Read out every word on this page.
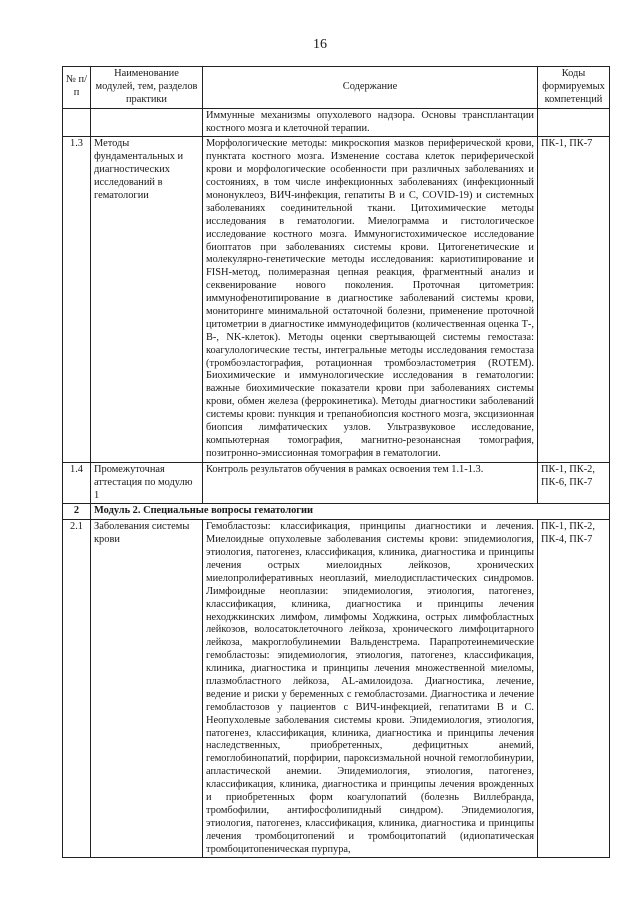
16
№ п/п	Наименование модулей, тем, разделов практики	Содержание	Коды формируемых компетенций
		Иммунные механизмы опухолевого надзора. Основы трансплантации костного мозга и клеточной терапии.	
1.3	Методы фундаментальных и диагностических исследований в гематологии	Морфологические методы: микроскопия мазков периферической крови, пунктата костного мозга. Изменение состава клеток периферической крови и морфологические особенности при различных заболеваниях и состояниях, в том числе инфекционных заболеваниях (инфекционный мононуклеоз, ВИЧ-инфекция, гепатиты В и С, COVID-19) и системных заболеваниях соединительной ткани. Цитохимические методы исследования в гематологии. Миелограмма и гистологическое исследование костного мозга. Иммуногистохимическое исследование биоптатов при заболеваниях системы крови. Цитогенетические и молекулярно-генетические методы исследования: кариотипирование и FISH-метод, полимеразная цепная реакция, фрагментный анализ и секвенирование нового поколения. Проточная цитометрия: иммунофенотипирование в диагностике заболеваний системы крови, мониторинге минимальной остаточной болезни, применение проточной цитометрии в диагностике иммунодефицитов (количественная оценка Т-, В-, NK-клеток). Методы оценки свертывающей системы гемостаза: коагулологические тесты, интегральные методы исследования гемостаза (тромбоэластография, ротационная тромбоэластометрия (ROTEM). Биохимические и иммунологические исследования в гематологии: важные биохимические показатели крови при заболеваниях системы крови, обмен железа (феррокинетика). Методы диагностики заболеваний системы крови: пункция и трепанобиопсия костного мозга, эксцизионная биопсия лимфатических узлов. Ультразвуковое исследование, компьютерная томография, магнитно-резонансная томография, позитронно-эмиссионная томография в гематологии.	ПК-1, ПК-7
1.4	Промежуточная аттестация по модулю 1	Контроль результатов обучения в рамках освоения тем 1.1-1.3.	ПК-1, ПК-2, ПК-6, ПК-7
2	Модуль 2. Специальные вопросы гематологии		
2.1	Заболевания системы крови	Гемобластозы: классификация, принципы диагностики и лечения. Миелоидные опухолевые заболевания системы крови: эпидемиология, этиология, патогенез, классификация, клиника, диагностика и принципы лечения острых миелоидных лейкозов, хронических миелопролиферативных неоплазий, миелодиспластических синдромов. Лимфоидные неоплазии: эпидемиология, этиология, патогенез, классификация, клиника, диагностика и принципы лечения неходжкинских лимфом, лимфомы Ходжкина, острых лимфобластных лейкозов, волосатоклеточного лейкоза, хронического лимфоцитарного лейкоза, макроглобулинемии Вальденстрема. Парапротеинемические гемобластозы: эпидемиология, этиология, патогенез, классификация, клиника, диагностика и принципы лечения множественной миеломы, плазмобластного лейкоза, AL-амилоидоза. Диагностика, лечение, ведение и риски у беременных с гемобластозами. Диагностика и лечение гемобластозов у пациентов с ВИЧ-инфекцией, гепатитами В и С. Неопухолевые заболевания системы крови. Эпидемиология, этиология, патогенез, классификация, клиника, диагностика и принципы лечения наследственных, приобретенных, дефицитных анемий, гемоглобинопатий, порфирии, пароксизмальной ночной гемоглобинурии, апластической анемии. Эпидемиология, этиология, патогенез, классификация, клиника, диагностика и принципы лечения врожденных и приобретенных форм коагулопатий (болезнь Виллебранда, тромбофилии, антифосфолипидный синдром). Эпидемиология, этиология, патогенез, классификация, клиника, диагностика и принципы лечения тромбоцитопений и тромбоцитопатий (идиопатическая тромбоцитопеническая пурпура,	ПК-1, ПК-2, ПК-4, ПК-7
